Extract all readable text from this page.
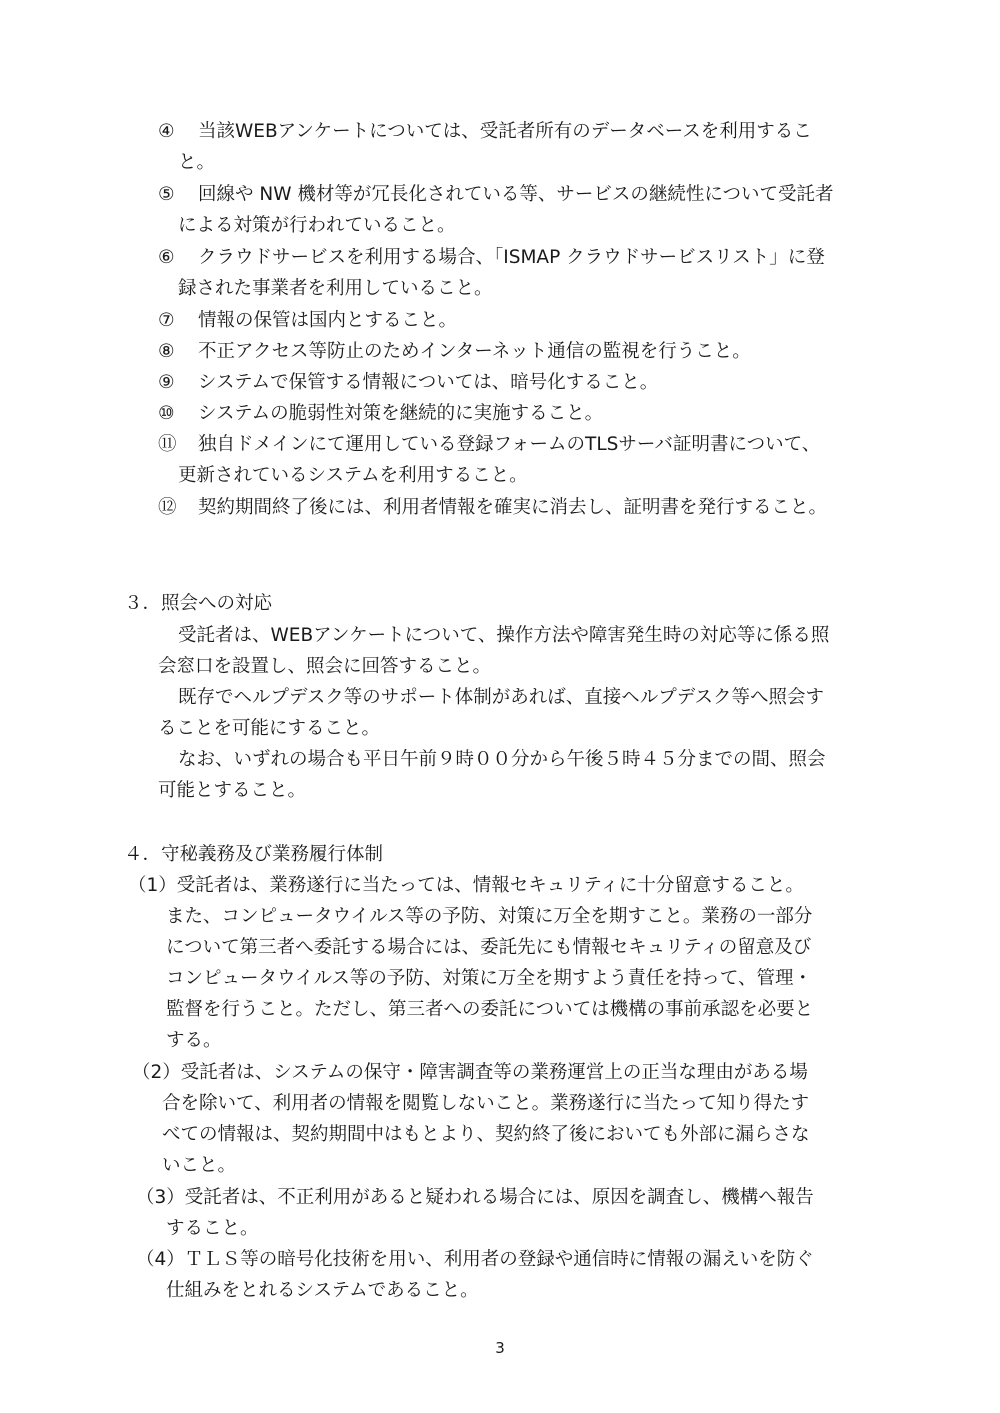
④ 当該WEBアンケートについては、受託者所有のデータベースを利用するこ

と。

⑤ 回線や NW 機材等が冗長化されている等、サービスの継続性について受託者

による対策が行われていること。

⑥ クラウドサービスを利用する場合、「ISMAP クラウドサービスリスト」に登

録された事業者を利用していること。

⑦ 情報の保管は国内とすること。

⑧ 不正アクセス等防止のためインターネット通信の監視を行うこと。

⑨ システムで保管する情報については、暗号化すること。

⑩ システムの脆弱性対策を継続的に実施すること。

⑪ 独自ドメインにて運用している登録フォームのTLSサーバ証明書について、

更新されているシステムを利用すること。

⑫ 契約期間終了後には、利用者情報を確実に消去し、証明書を発行すること。

３．照会への対応

受託者は、WEBアンケートについて、操作方法や障害発生時の対応等に係る照

会窓口を設置し、照会に回答すること。

既存でヘルプデスク等のサポート体制があれば、直接ヘルプデスク等へ照会す

ることを可能にすること。

なお、いずれの場合も平日午前９時００分から午後５時４５分までの間、照会

可能とすること。

４．守秘義務及び業務履行体制

（1）受託者は、業務遂行に当たっては、情報セキュリティに十分留意すること。

また、コンピュータウイルス等の予防、対策に万全を期すこと。業務の一部分

について第三者へ委託する場合には、委託先にも情報セキュリティの留意及び

コンピュータウイルス等の予防、対策に万全を期すよう責任を持って、管理・

監督を行うこと。ただし、第三者への委託については機構の事前承認を必要と

する。

（2）受託者は、システムの保守・障害調査等の業務運営上の正当な理由がある場

合を除いて、利用者の情報を閲覧しないこと。業務遂行に当たって知り得たす

べての情報は、契約期間中はもとより、契約終了後においても外部に漏らさな

いこと。

（3）受託者は、不正利用があると疑われる場合には、原因を調査し、機構へ報告

すること。

（4）ＴＬＳ等の暗号化技術を用い、利用者の登録や通信時に情報の漏えいを防ぐ

仕組みをとれるシステムであること。

3
